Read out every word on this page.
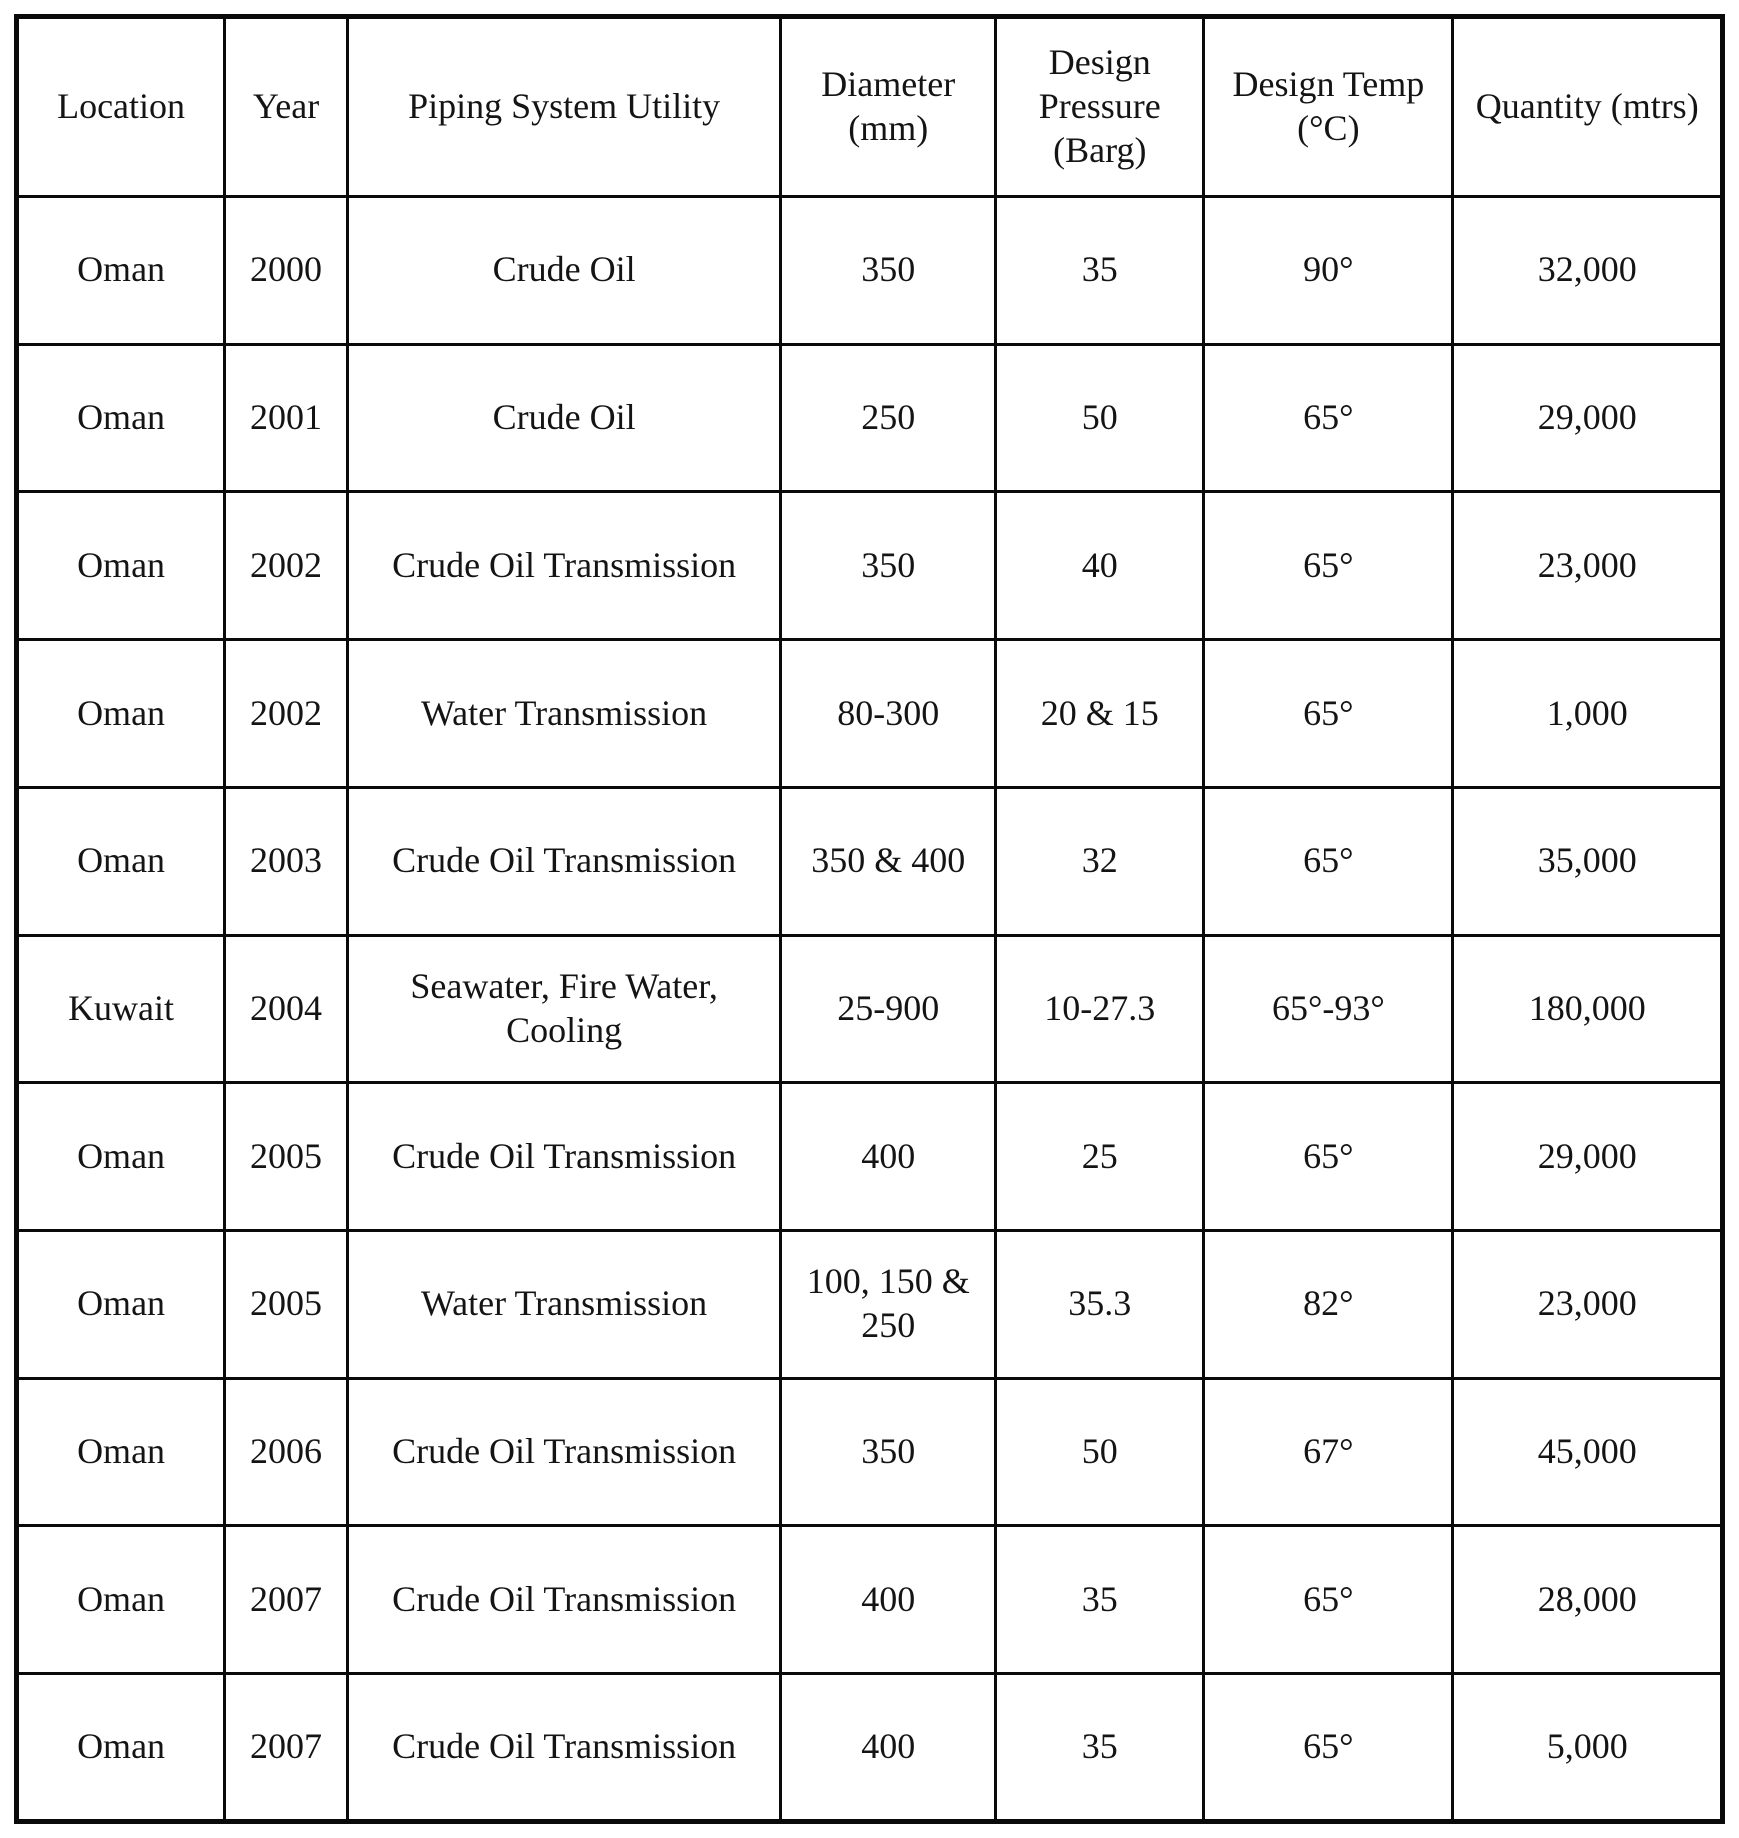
Location	Year	Piping System Utility	Diameter (mm)	Design Pressure (Barg)	Design Temp (°C)	Quantity (mtrs)
Oman	2000	Crude Oil	350	35	90°	32,000
Oman	2001	Crude Oil	250	50	65°	29,000
Oman	2002	Crude Oil Transmission	350	40	65°	23,000
Oman	2002	Water Transmission	80-300	20 & 15	65°	1,000
Oman	2003	Crude Oil Transmission	350 & 400	32	65°	35,000
Kuwait	2004	Seawater, Fire Water, Cooling	25-900	10-27.3	65°-93°	180,000
Oman	2005	Crude Oil Transmission	400	25	65°	29,000
Oman	2005	Water Transmission	100, 150 & 250	35.3	82°	23,000
Oman	2006	Crude Oil Transmission	350	50	67°	45,000
Oman	2007	Crude Oil Transmission	400	35	65°	28,000
Oman	2007	Crude Oil Transmission	400	35	65°	5,000
